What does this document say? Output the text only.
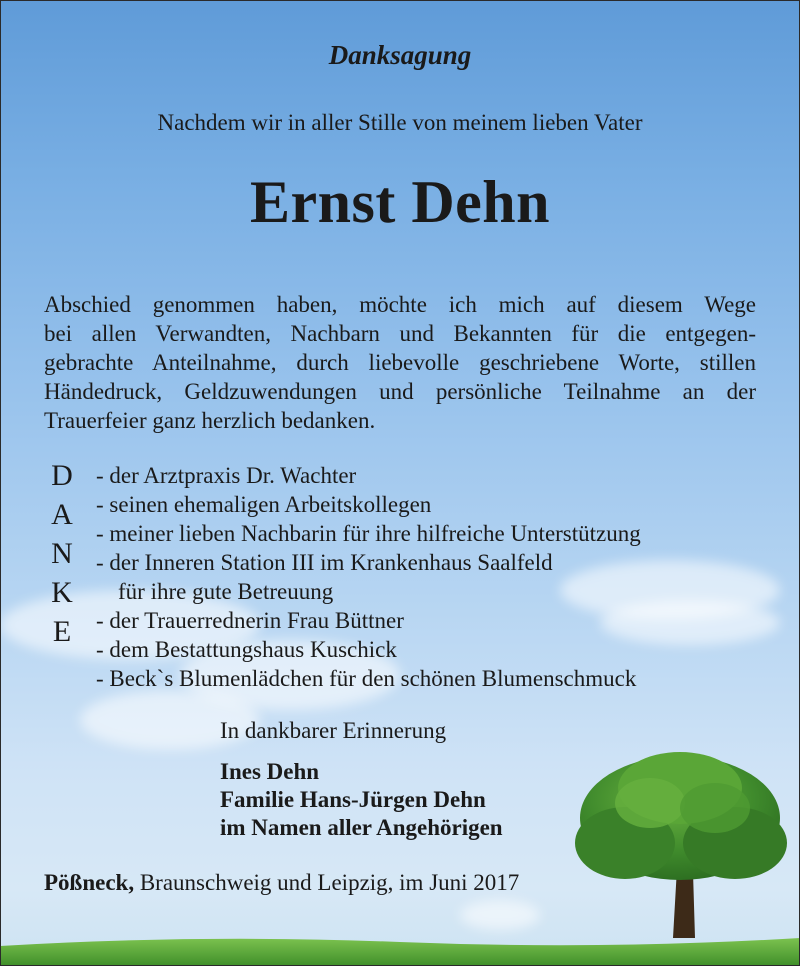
Danksagung
Nachdem wir in aller Stille von meinem lieben Vater
Ernst Dehn

Abschied genommen haben, möchte ich mich auf diesem Wege
bei allen Verwandten, Nachbarn und Bekannten für die entgegen-
gebrachte Anteilnahme, durch liebevolle geschriebene Worte, stillen
Händedruck, Geldzuwendungen und persönliche Teilnahme an der
Trauerfeier ganz herzlich bedanken.

D
A
N
K
E
- der Arztpraxis Dr. Wachter
- seinen ehemaligen Arbeitskollegen
- meiner lieben Nachbarin für ihre hilfreiche Unterstützung
- der Inneren Station III im Krankenhaus Saalfeld
für ihre gute Betreuung
- der Trauerrednerin Frau Büttner
- dem Bestattungshaus Kuschick
- Beck`s Blumenlädchen für den schönen Blumenschmuck
In dankbarer Erinnerung
Ines Dehn
Familie Hans-Jürgen Dehn
im Namen aller Angehörigen
Pößneck, Braunschweig und Leipzig, im Juni 2017
